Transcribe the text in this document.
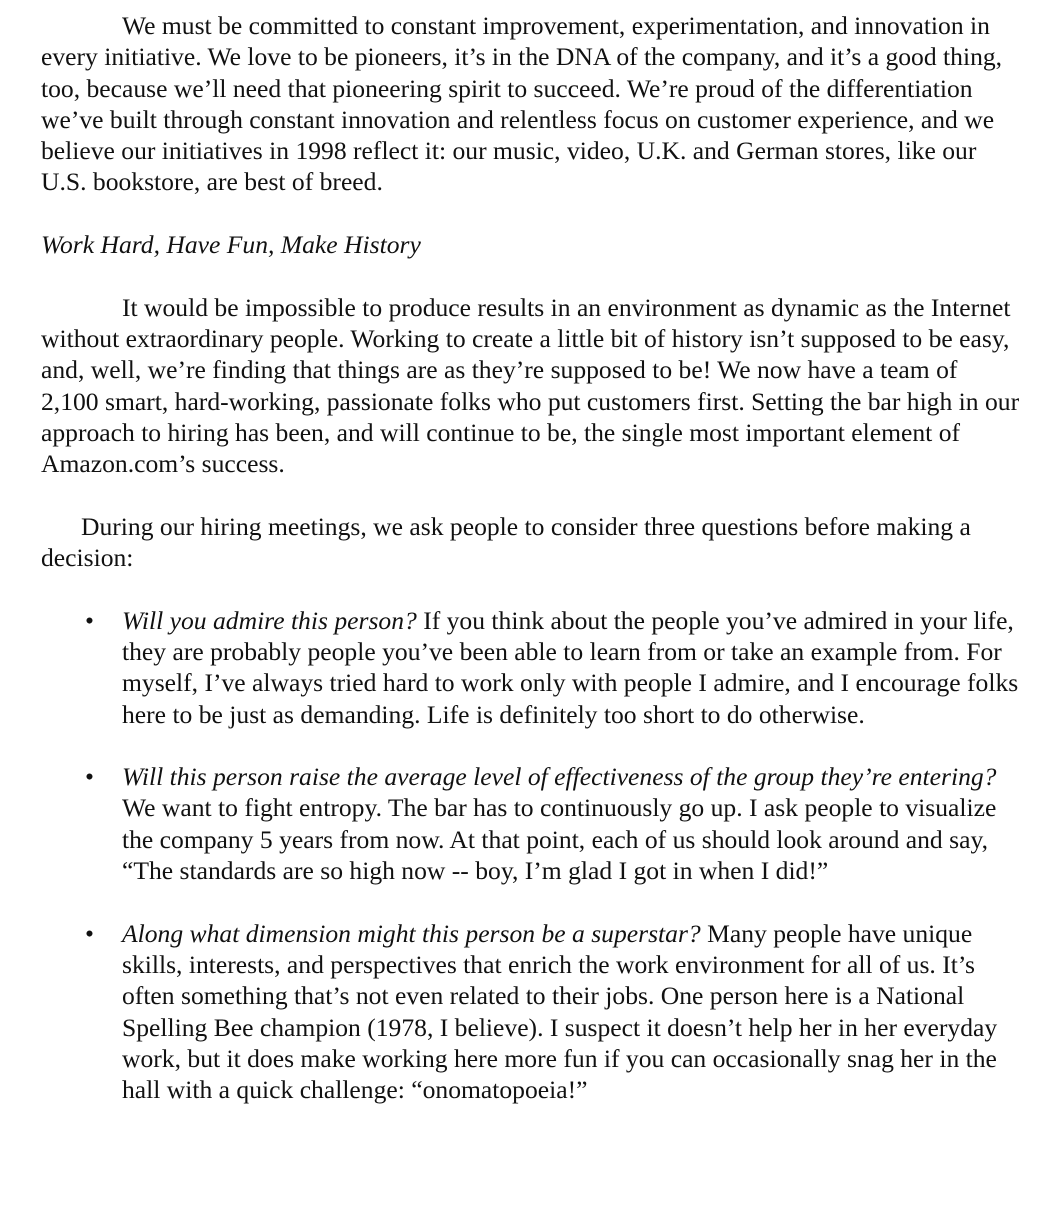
We must be committed to constant improvement, experimentation, and innovation in every initiative. We love to be pioneers, it’s in the DNA of the company, and it’s a good thing, too, because we’ll need that pioneering spirit to succeed. We’re proud of the differentiation we’ve built through constant innovation and relentless focus on customer experience, and we believe our initiatives in 1998 reflect it: our music, video, U.K. and German stores, like our U.S. bookstore, are best of breed.

Work Hard, Have Fun, Make History

It would be impossible to produce results in an environment as dynamic as the Internet without extraordinary people. Working to create a little bit of history isn’t supposed to be easy, and, well, we’re finding that things are as they’re supposed to be! We now have a team of 2,100 smart, hard-working, passionate folks who put customers first. Setting the bar high in our approach to hiring has been, and will continue to be, the single most important element of Amazon.com’s success.

During our hiring meetings, we ask people to consider three questions before making a decision:

• Will you admire this person? If you think about the people you’ve admired in your life, they are probably people you’ve been able to learn from or take an example from. For myself, I’ve always tried hard to work only with people I admire, and I encourage folks here to be just as demanding. Life is definitely too short to do otherwise.
• Will this person raise the average level of effectiveness of the group they’re entering? We want to fight entropy. The bar has to continuously go up. I ask people to visualize the company 5 years from now. At that point, each of us should look around and say, “The standards are so high now -- boy, I’m glad I got in when I did!”
• Along what dimension might this person be a superstar? Many people have unique skills, interests, and perspectives that enrich the work environment for all of us. It’s often something that’s not even related to their jobs. One person here is a National Spelling Bee champion (1978, I believe). I suspect it doesn’t help her in her everyday work, but it does make working here more fun if you can occasionally snag her in the hall with a quick challenge: “onomatopoeia!”
